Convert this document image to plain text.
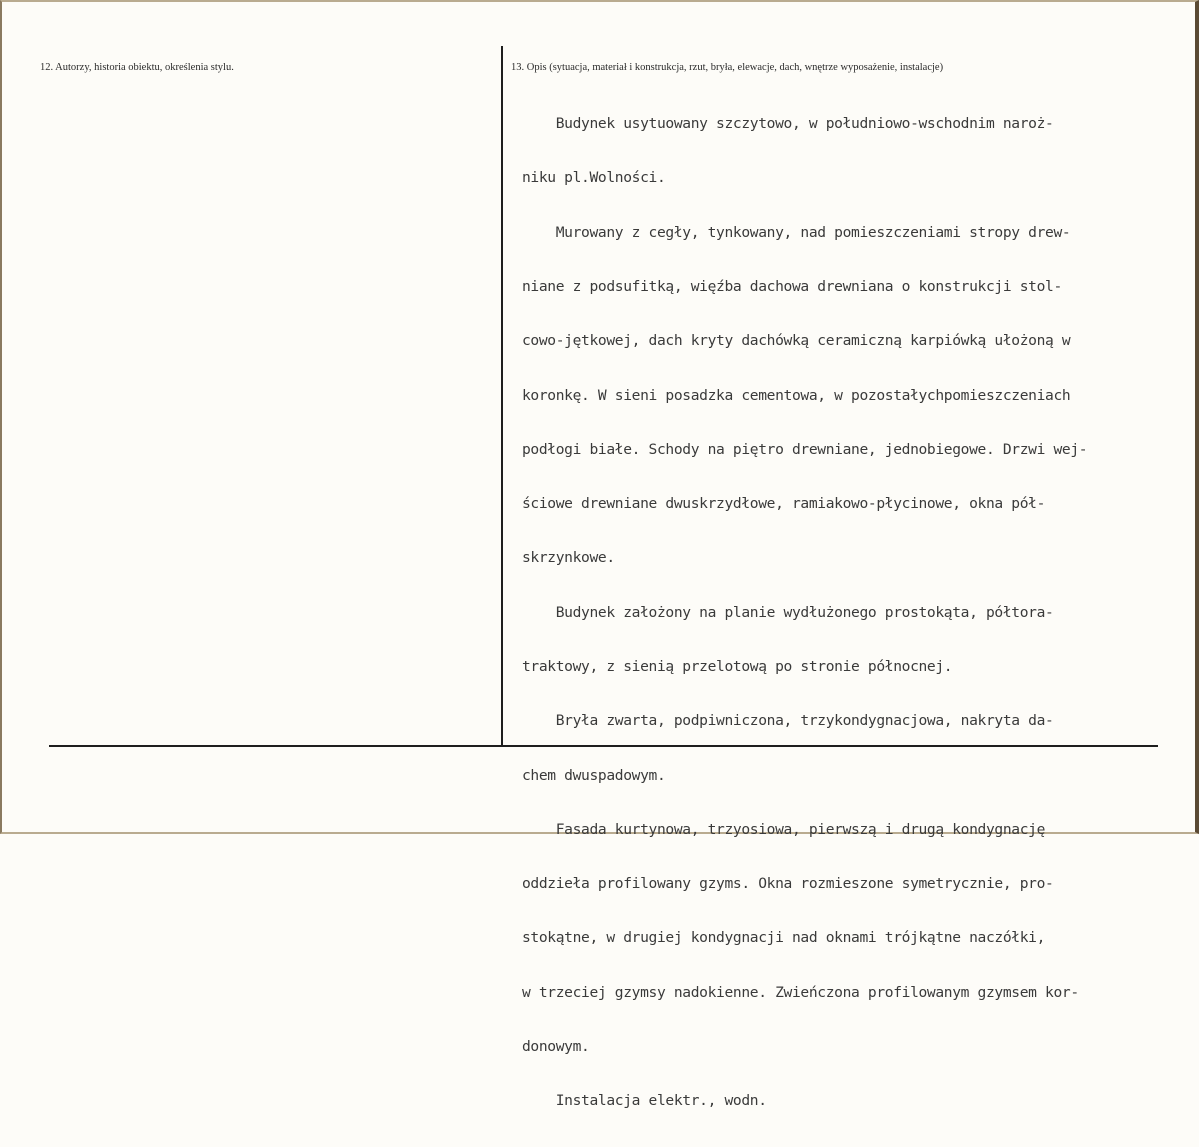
12. Autorzy, historia obiektu, określenia stylu.	13. Opis (sytuacja, materiał i konstrukcja, rzut, bryła, elewacje, dach, wnętrze wyposażenie, instalacje)

Budynek usytuowany szczytowo, w południowo-wschodnim naroż-

niku pl.Wolności.

Murowany z cegły, tynkowany, nad pomieszczeniami stropy drew-

niane z podsufitką, więźba dachowa drewniana o konstrukcji stol-

cowo-jętkowej, dach kryty dachówką ceramiczną karpiówką ułożoną w

koronkę. W sieni posadzka cementowa, w pozostałychpomieszczeniach

podłogi białe. Schody na piętro drewniane, jednobiegowe. Drzwi wej-

ściowe drewniane dwuskrzydłowe, ramiakowo-płycinowe, okna pół-

skrzynkowe.

Budynek założony na planie wydłużonego prostokąta, półtora-

traktowy, z sienią przelotową po stronie północnej.

Bryła zwarta, podpiwniczona, trzykondygnacjowa, nakryta da-

chem dwuspadowym.

Fasada kurtynowa, trzyosiowa, pierwszą i drugą kondygnację

oddzieła profilowany gzyms. Okna rozmieszone symetrycznie, pro-

stokątne, w drugiej kondygnacji nad oknami trójkątne naczółki,

w trzeciej gzymsy nadokienne. Zwieńczona profilowanym gzymsem kor-

donowym.

Instalacja elektr., wodn.
